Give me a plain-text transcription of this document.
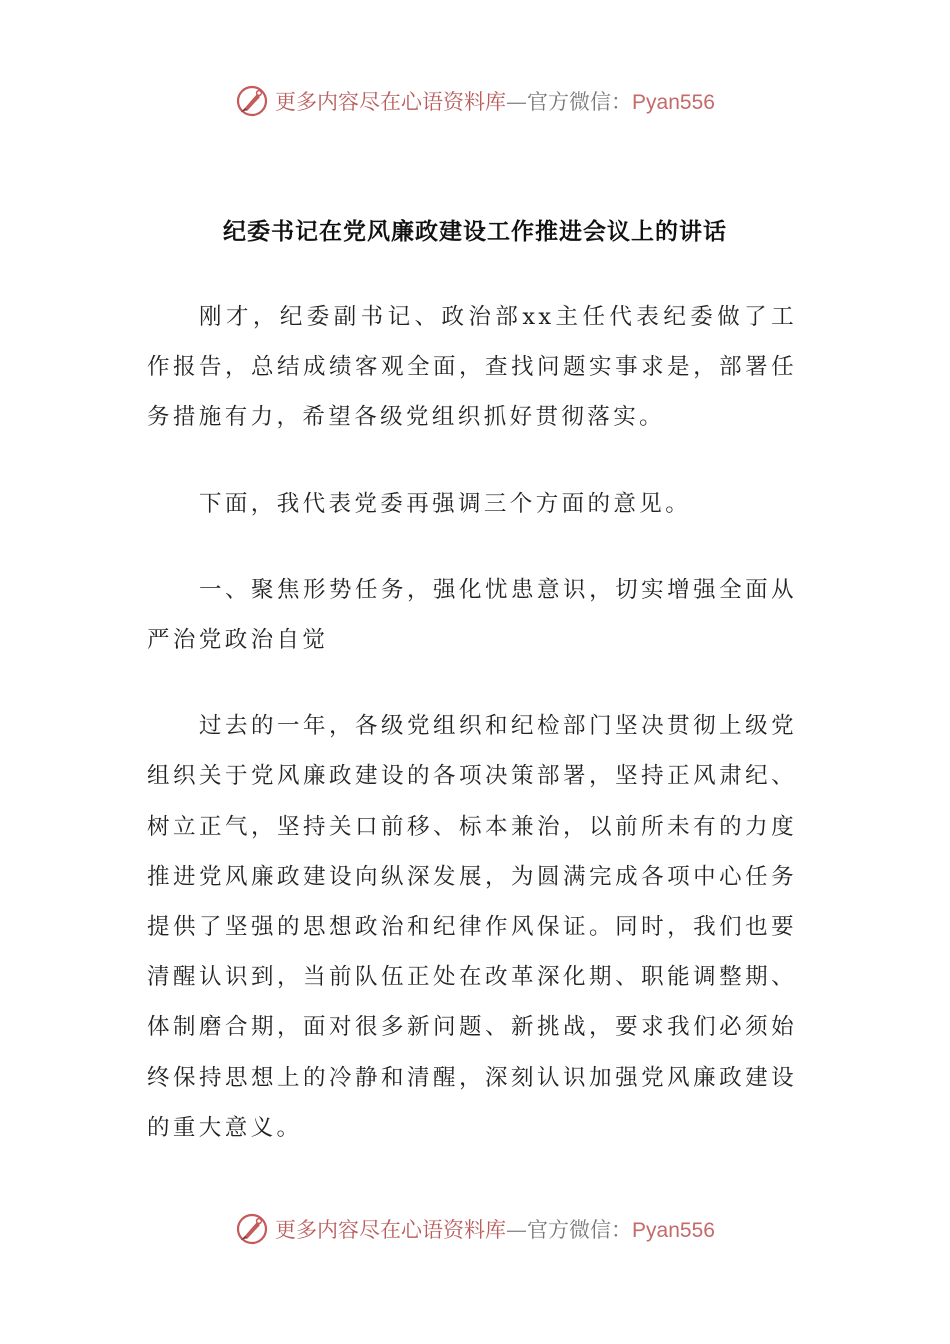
更多内容尽在心语资料库—官方微信：Pyan556
纪委书记在党风廉政建设工作推进会议上的讲话

刚才，纪委副书记、政治部xx主任代表纪委做了工作报告，总结成绩客观全面，查找问题实事求是，部署任务措施有力，希望各级党组织抓好贯彻落实。

下面，我代表党委再强调三个方面的意见。

一、聚焦形势任务，强化忧患意识，切实增强全面从严治党政治自觉

过去的一年，各级党组织和纪检部门坚决贯彻上级党组织关于党风廉政建设的各项决策部署，坚持正风肃纪、树立正气，坚持关口前移、标本兼治，以前所未有的力度推进党风廉政建设向纵深发展，为圆满完成各项中心任务提供了坚强的思想政治和纪律作风保证。同时，我们也要清醒认识到，当前队伍正处在改革深化期、职能调整期、体制磨合期，面对很多新问题、新挑战，要求我们必须始终保持思想上的冷静和清醒，深刻认识加强党风廉政建设的重大意义。

更多内容尽在心语资料库—官方微信：Pyan556
